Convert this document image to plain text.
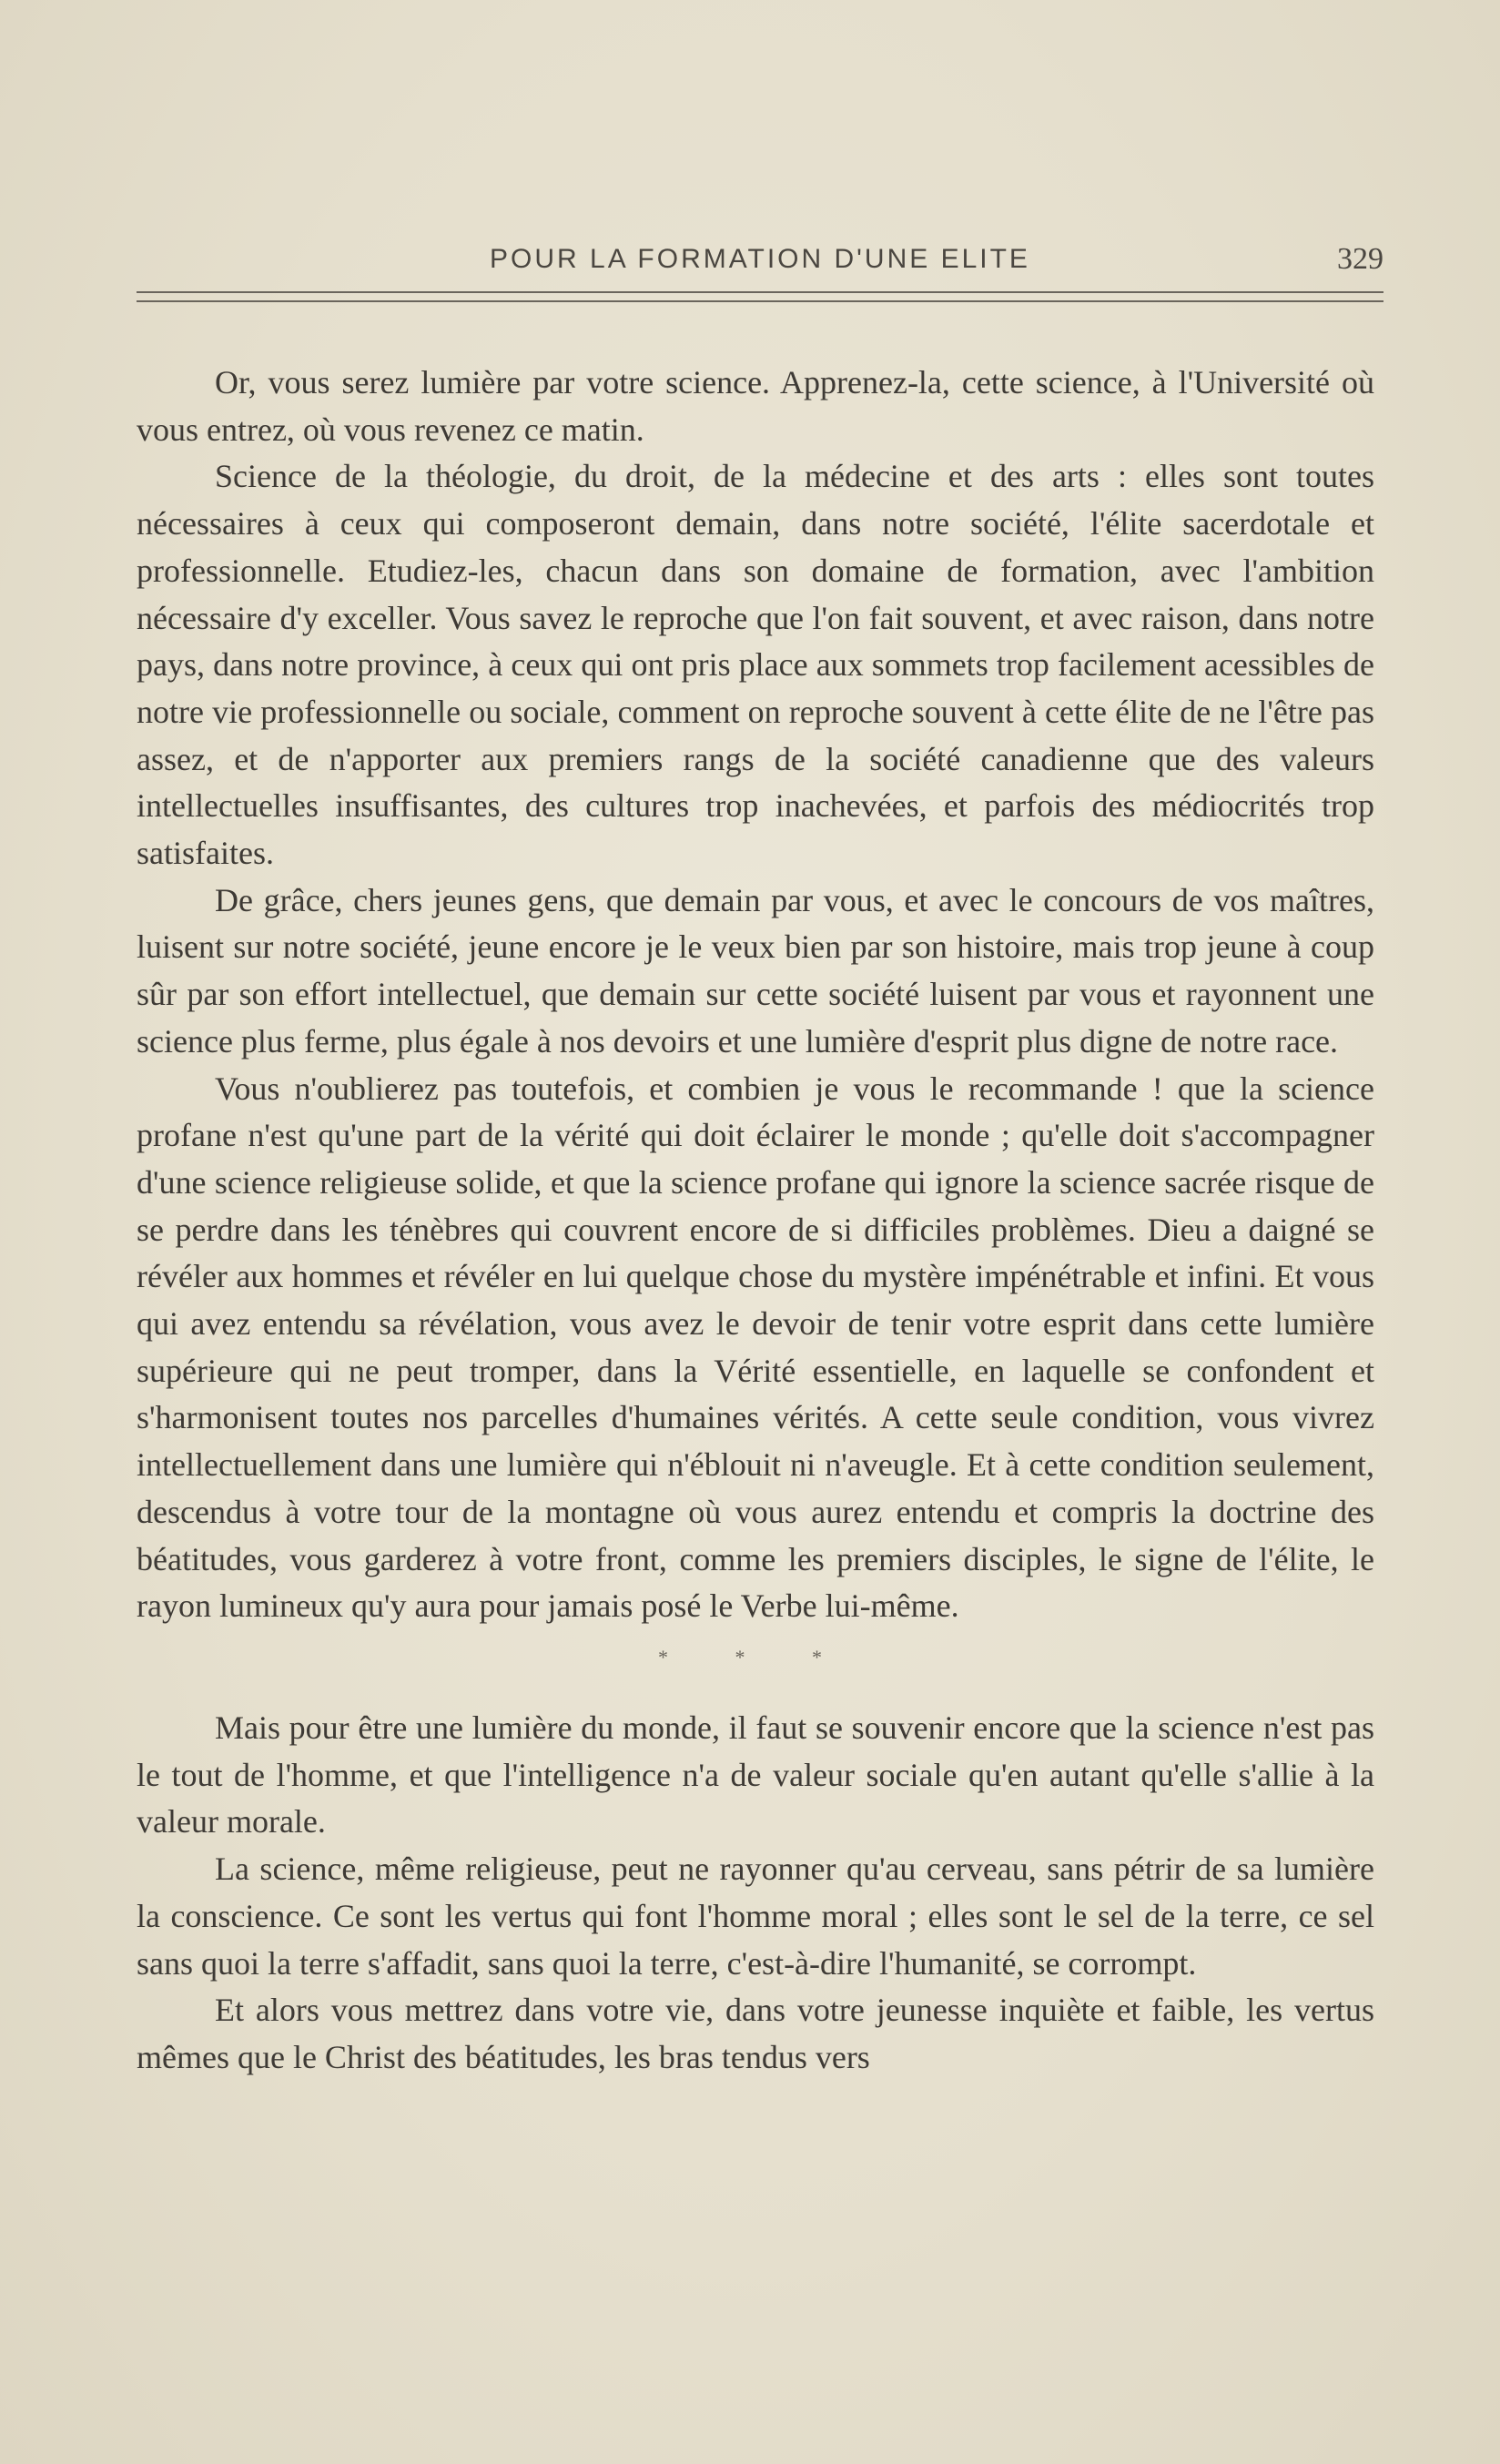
POUR LA FORMATION D'UNE ELITE	329

Or, vous serez lumière par votre science. Apprenez-la, cette science, à l'Université où vous entrez, où vous revenez ce matin.

Science de la théologie, du droit, de la médecine et des arts : elles sont toutes nécessaires à ceux qui composeront demain, dans notre société, l'élite sacerdotale et professionnelle. Etudiez-les, chacun dans son domaine de formation, avec l'ambition nécessaire d'y exceller. Vous savez le reproche que l'on fait souvent, et avec raison, dans notre pays, dans notre province, à ceux qui ont pris place aux sommets trop facilement acessibles de notre vie professionnelle ou sociale, comment on reproche souvent à cette élite de ne l'être pas assez, et de n'apporter aux premiers rangs de la société canadienne que des valeurs intellectuelles insuffisantes, des cultures trop inachevées, et parfois des médiocrités trop satisfaites.

De grâce, chers jeunes gens, que demain par vous, et avec le concours de vos maîtres, luisent sur notre société, jeune encore je le veux bien par son histoire, mais trop jeune à coup sûr par son effort intellectuel, que demain sur cette société luisent par vous et rayonnent une science plus ferme, plus égale à nos devoirs et une lumière d'esprit plus digne de notre race.

Vous n'oublierez pas toutefois, et combien je vous le recommande ! que la science profane n'est qu'une part de la vérité qui doit éclairer le monde ; qu'elle doit s'accompagner d'une science religieuse solide, et que la science profane qui ignore la science sacrée risque de se perdre dans les ténèbres qui couvrent encore de si difficiles problèmes. Dieu a daigné se révéler aux hommes et révéler en lui quelque chose du mystère impénétrable et infini. Et vous qui avez entendu sa révélation, vous avez le devoir de tenir votre esprit dans cette lumière supérieure qui ne peut tromper, dans la Vérité essentielle, en laquelle se confondent et s'harmonisent toutes nos parcelles d'humaines vérités. A cette seule condition, vous vivrez intellectuellement dans une lumière qui n'éblouit ni n'aveugle. Et à cette condition seulement, descendus à votre tour de la montagne où vous aurez entendu et compris la doctrine des béatitudes, vous garderez à votre front, comme les premiers disciples, le signe de l'élite, le rayon lumineux qu'y aura pour jamais posé le Verbe lui-même.

* * *

Mais pour être une lumière du monde, il faut se souvenir encore que la science n'est pas le tout de l'homme, et que l'intelligence n'a de valeur sociale qu'en autant qu'elle s'allie à la valeur morale.

La science, même religieuse, peut ne rayonner qu'au cerveau, sans pétrir de sa lumière la conscience. Ce sont les vertus qui font l'homme moral ; elles sont le sel de la terre, ce sel sans quoi la terre s'affadit, sans quoi la terre, c'est-à-dire l'humanité, se corrompt.

Et alors vous mettrez dans votre vie, dans votre jeunesse inquiète et faible, les vertus mêmes que le Christ des béatitudes, les bras tendus vers
